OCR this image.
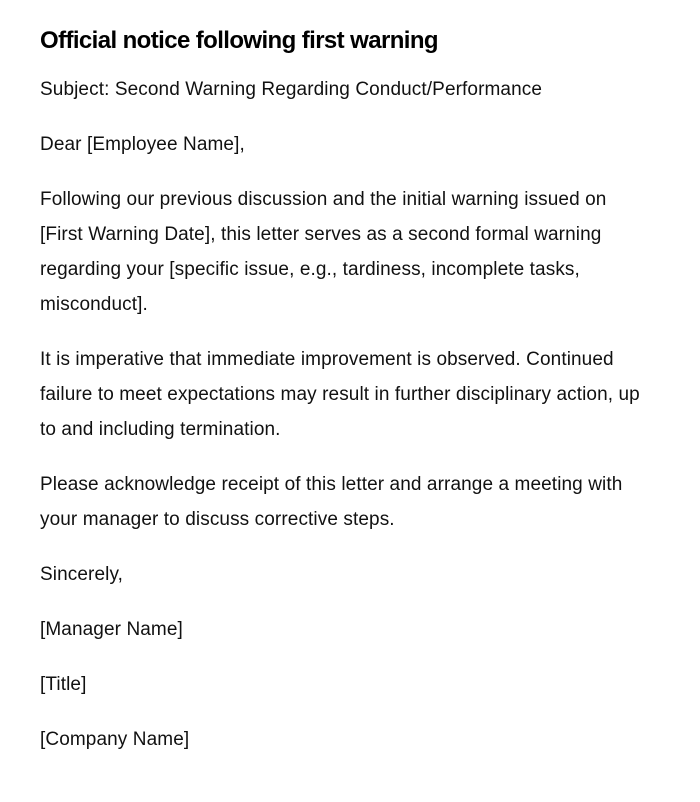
Official notice following first warning

Subject: Second Warning Regarding Conduct/Performance

Dear [Employee Name],

Following our previous discussion and the initial warning issued on [First Warning Date], this letter serves as a second formal warning regarding your [specific issue, e.g., tardiness, incomplete tasks, misconduct].

It is imperative that immediate improvement is observed. Continued failure to meet expectations may result in further disciplinary action, up to and including termination.

Please acknowledge receipt of this letter and arrange a meeting with your manager to discuss corrective steps.

Sincerely,

[Manager Name]

[Title]

[Company Name]
